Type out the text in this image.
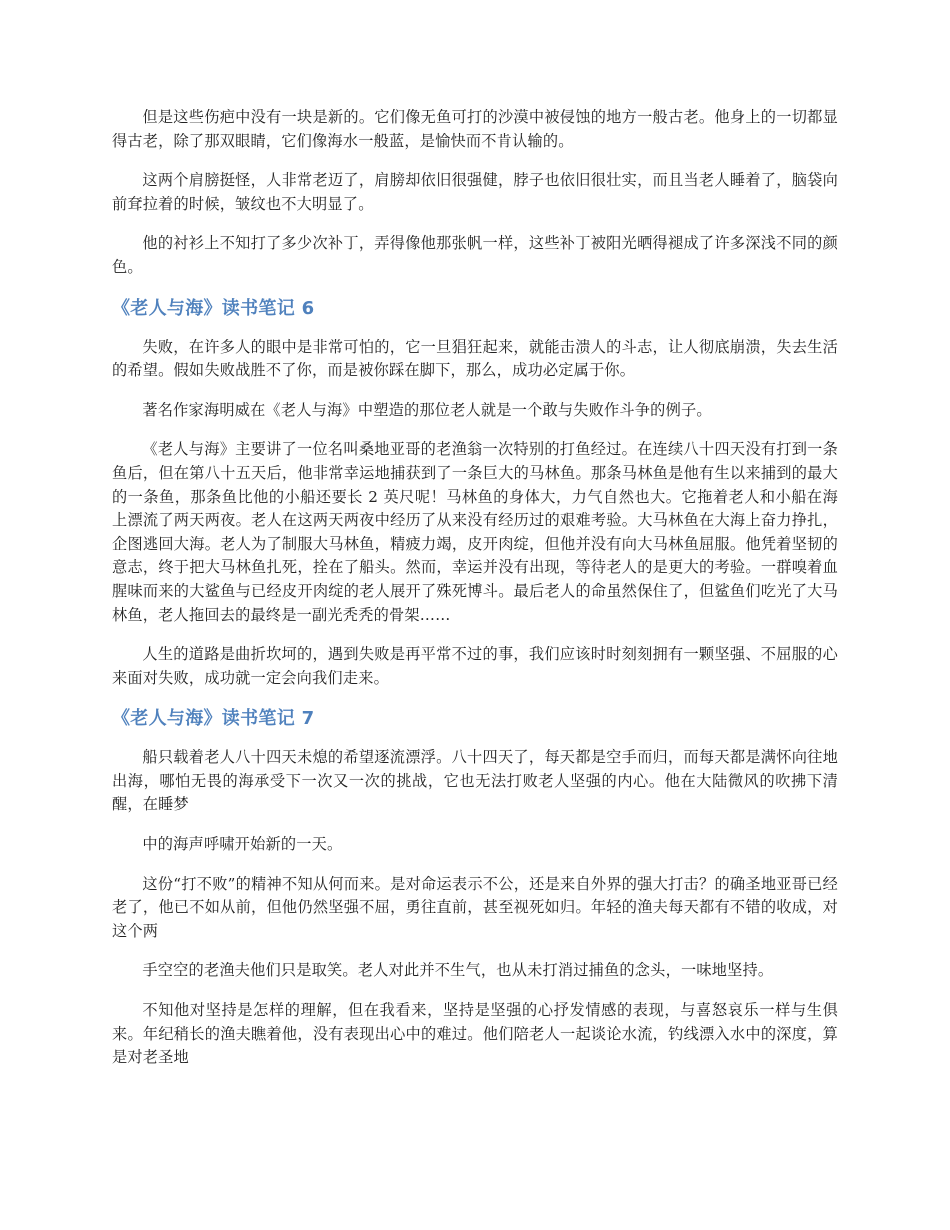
但是这些伤疤中没有一块是新的。它们像无鱼可打的沙漠中被侵蚀的地方一般古老。他身上的一切都显得古老，除了那双眼睛，它们像海水一般蓝，是愉快而不肯认输的。

这两个肩膀挺怪，人非常老迈了，肩膀却依旧很强健，脖子也依旧很壮实，而且当老人睡着了，脑袋向前耷拉着的时候，皱纹也不大明显了。

他的衬衫上不知打了多少次补丁，弄得像他那张帆一样，这些补丁被阳光晒得褪成了许多深浅不同的颜色。

《老人与海》读书笔记 6

失败，在许多人的眼中是非常可怕的，它一旦猖狂起来，就能击溃人的斗志，让人彻底崩溃，失去生活的希望。假如失败战胜不了你，而是被你踩在脚下，那么，成功必定属于你。

著名作家海明威在《老人与海》中塑造的那位老人就是一个敢与失败作斗争的例子。

《老人与海》主要讲了一位名叫桑地亚哥的老渔翁一次特别的打鱼经过。在连续八十四天没有打到一条鱼后，但在第八十五天后，他非常幸运地捕获到了一条巨大的马林鱼。那条马林鱼是他有生以来捕到的最大的一条鱼，那条鱼比他的小船还要长 2 英尺呢！马林鱼的身体大，力气自然也大。它拖着老人和小船在海上漂流了两天两夜。老人在这两天两夜中经历了从来没有经历过的艰难考验。大马林鱼在大海上奋力挣扎，企图逃回大海。老人为了制服大马林鱼，精疲力竭，皮开肉绽，但他并没有向大马林鱼屈服。他凭着坚韧的意志，终于把大马林鱼扎死，拴在了船头。然而，幸运并没有出现，等待老人的是更大的考验。一群嗅着血腥味而来的大鲨鱼与已经皮开肉绽的老人展开了殊死博斗。最后老人的命虽然保住了，但鲨鱼们吃光了大马林鱼，老人拖回去的最终是一副光秃秃的骨架……

人生的道路是曲折坎坷的，遇到失败是再平常不过的事，我们应该时时刻刻拥有一颗坚强、不屈服的心来面对失败，成功就一定会向我们走来。

《老人与海》读书笔记 7

船只载着老人八十四天未熄的希望逐流漂浮。八十四天了，每天都是空手而归，而每天都是满怀向往地出海，哪怕无畏的海承受下一次又一次的挑战，它也无法打败老人坚强的内心。他在大陆微风的吹拂下清醒，在睡梦

中的海声呼啸开始新的一天。

这份“打不败”的精神不知从何而来。是对命运表示不公，还是来自外界的强大打击？的确圣地亚哥已经老了，他已不如从前，但他仍然坚强不屈，勇往直前，甚至视死如归。年轻的渔夫每天都有不错的收成，对这个两

手空空的老渔夫他们只是取笑。老人对此并不生气，也从未打消过捕鱼的念头，一味地坚持。

不知他对坚持是怎样的理解，但在我看来，坚持是坚强的心抒发情感的表现，与喜怒哀乐一样与生俱来。年纪稍长的渔夫瞧着他，没有表现出心中的难过。他们陪老人一起谈论水流，钓线漂入水中的深度，算是对老圣地
